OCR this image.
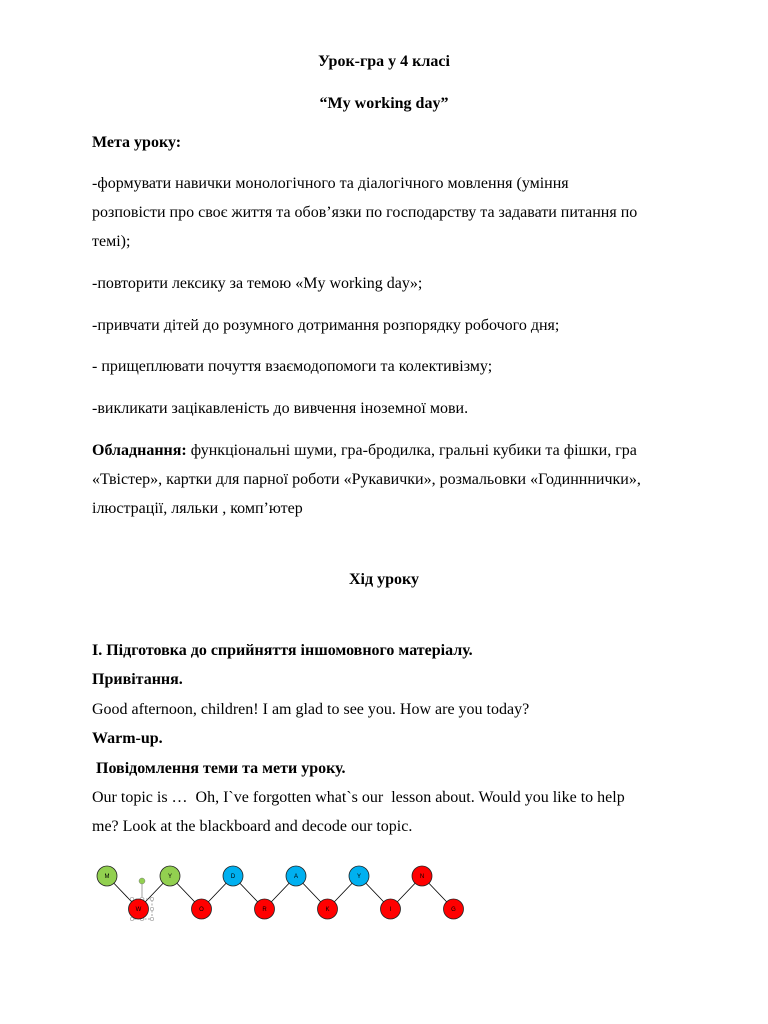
Урок-гра у 4 класі
“My working day”
Мета уроку:
-формувати навички монологічного та діалогічного мовлення (уміння
розповісти про своє життя та обов’язки по господарству та задавати питання по
темі);
-повторити лексику за темою «My working day»;
-привчати дітей до розумного дотримання розпорядку робочого дня;
- прищеплювати почуття взаємодопомоги та колективізму;
-викликати зацікавленість до вивчення іноземної мови.
Обладнання: функціональні шуми, гра-бродилка, гральні кубики та фішки, гра
«Твістер», картки для парної роботи «Рукавички», розмальовки «Годинннички»,
ілюстрації, ляльки , комп’ютер
Хід уроку
I. Підготовка до сприйняття іншомовного матеріалу.
Привітання.
Good afternoon, children! I am glad to see you. How are you today?
Warm-up.
Повідомлення теми та мети уроку.
Our topic is …  Oh, I`ve forgotten what`s our  lesson about. Would you like to help
me? Look at the blackboard and decode our topic.
M
W
Y
O
D
R
A
K
Y
I
N
G
